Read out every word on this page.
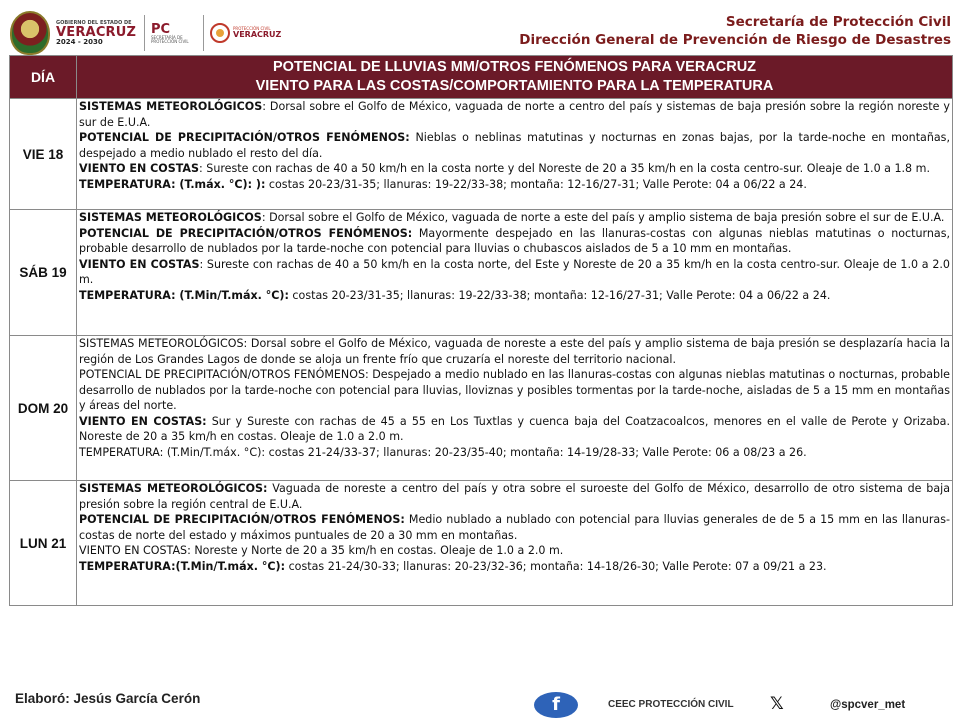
GOBIERNO DEL ESTADO DE
VERACRUZ
2024 - 2030
PC
SECRETARÍA DE PROTECCIÓN CIVIL
PROTECCIÓN CIVIL
VERACRUZ
Secretaría de Protección Civil
Dirección General de Prevención de Riesgo de Desastres
DÍA	POTENCIAL DE LLUVIAS MM/OTROS FENÓMENOS PARA VERACRUZ
VIENTO PARA LAS COSTAS/COMPORTAMIENTO PARA LA TEMPERATURA

VIE 18	SISTEMAS METEOROLÓGICOS: Dorsal sobre el Golfo de México, vaguada de norte a centro del país y sistemas de baja presión sobre la región noreste y sur de E.U.A.

POTENCIAL DE PRECIPITACIÓN/OTROS FENÓMENOS: Nieblas o neblinas matutinas y nocturnas en zonas bajas, por la tarde-noche en montañas, despejado a medio nublado el resto del día.

VIENTO EN COSTAS: Sureste con rachas de 40 a 50 km/h en la costa norte y del Noreste de 20 a 35 km/h en la costa centro-sur. Oleaje de 1.0 a 1.8 m.

TEMPERATURA: (T.máx. °C): ): costas 20-23/31-35; llanuras: 19-22/33-38; montaña: 12-16/27-31; Valle Perote: 04 a 06/22 a 24.

SÁB 19	SISTEMAS METEOROLÓGICOS: Dorsal sobre el Golfo de México, vaguada de norte a este del país y amplio sistema de baja presión sobre el sur de E.U.A.

POTENCIAL DE PRECIPITACIÓN/OTROS FENÓMENOS: Mayormente despejado en las llanuras-costas con algunas nieblas matutinas o nocturnas, probable desarrollo de nublados por la tarde-noche con potencial para lluvias o chubascos aislados de 5 a 10 mm en montañas.

VIENTO EN COSTAS: Sureste con rachas de 40 a 50 km/h en la costa norte, del Este y Noreste de 20 a 35 km/h en la costa centro-sur. Oleaje de 1.0 a 2.0 m.

TEMPERATURA: (T.Min/T.máx. °C): costas 20-23/31-35; llanuras: 19-22/33-38; montaña: 12-16/27-31; Valle Perote: 04 a 06/22 a 24.

DOM 20	SISTEMAS METEOROLÓGICOS: Dorsal sobre el Golfo de México, vaguada de noreste a este del país y amplio sistema de baja presión se desplazaría hacia la región de Los Grandes Lagos de donde se aloja un frente frío que cruzaría el noreste del territorio nacional.

POTENCIAL DE PRECIPITACIÓN/OTROS FENÓMENOS: Despejado a medio nublado en las llanuras-costas con algunas nieblas matutinas o nocturnas, probable desarrollo de nublados por la tarde-noche con potencial para lluvias, lloviznas y posibles tormentas por la tarde-noche, aisladas de 5 a 15 mm en montañas y áreas del norte.

VIENTO EN COSTAS: Sur y Sureste con rachas de 45 a 55 en Los Tuxtlas y cuenca baja del Coatzacoalcos, menores en el valle de Perote y Orizaba. Noreste de 20 a 35 km/h en costas. Oleaje de 1.0 a 2.0 m.

TEMPERATURA: (T.Min/T.máx. °C): costas 21-24/33-37; llanuras: 20-23/35-40; montaña: 14-19/28-33; Valle Perote: 06 a 08/23 a 26.

LUN 21	SISTEMAS METEOROLÓGICOS: Vaguada de noreste a centro del país y otra sobre el suroeste del Golfo de México, desarrollo de otro sistema de baja presión sobre la región central de E.U.A.

POTENCIAL DE PRECIPITACIÓN/OTROS FENÓMENOS: Medio nublado a nublado con potencial para lluvias generales de de 5 a 15 mm en las llanuras-costas de norte del estado y máximos puntuales de 20 a 30 mm en montañas.

VIENTO EN COSTAS: Noreste y Norte de 20 a 35 km/h en costas. Oleaje de 1.0 a 2.0 m.

TEMPERATURA:(T.Min/T.máx. °C): costas 21-24/30-33; llanuras: 20-23/32-36; montaña: 14-18/26-30; Valle Perote: 07 a 09/21 a 23.

Elaboró: Jesús García Cerón	f	CEEC PROTECCIÓN CIVIL 𝕏	@spcver_met
